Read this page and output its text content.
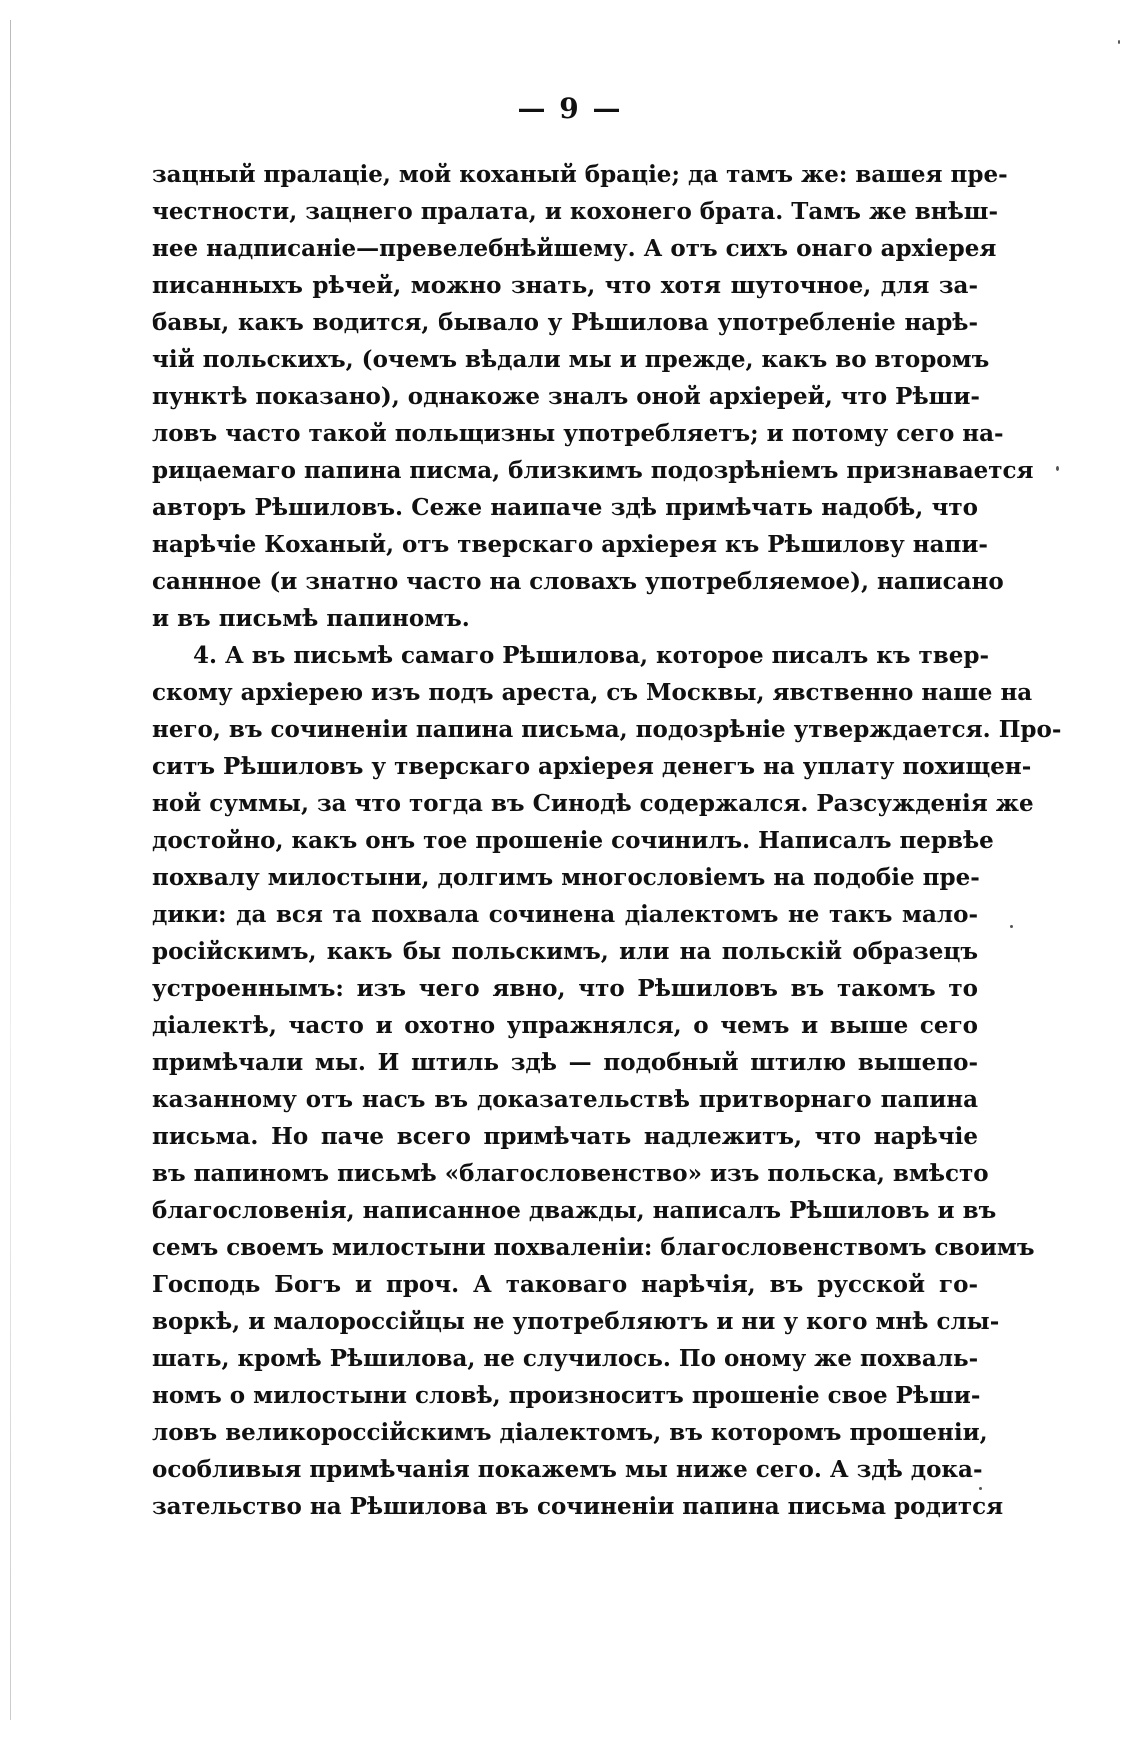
— 9 —
зацный пралаціе, мой коханый браціе; да тамъ же: вашея пре-
честности, зацнего пралата, и кохонего брата. Тамъ же внѣш-
нее надписаніе—превелебнѣйшему. А отъ сихъ онаго архіерея
писанныхъ рѣчей, можно знать, что хотя шуточное, для за-
бавы, какъ водится, бывало у Рѣшилова употребленіе нарѣ-
чій польскихъ, (очемъ вѣдали мы и прежде, какъ во второмъ
пунктѣ показано), однакоже зналъ оной архіерей, что Рѣши-
ловъ часто такой польщизны употребляетъ; и потому сего на-
рицаемаго папина писма, близкимъ подозрѣніемъ признавается
авторъ Рѣшиловъ. Сеже наипаче здѣ примѣчать надобѣ, что
нарѣчіе Коханый, отъ тверскаго архіерея къ Рѣшилову напи-
саннное (и знатно часто на словахъ употребляемое), написано
и въ письмѣ папиномъ.
4. А въ письмѣ самаго Рѣшилова, которое писалъ къ твер-
скому архіерею изъ подъ ареста, съ Москвы, явственно наше на
него, въ сочиненіи папина письма, подозрѣніе утверждается. Про-
ситъ Рѣшиловъ у тверскаго архіерея денегъ на уплату похищен-
ной суммы, за что тогда въ Синодѣ содержался. Разсужденія же
достойно, какъ онъ тое прошеніе сочинилъ. Написалъ первѣе
похвалу милостыни, долгимъ многословіемъ на подобіе пре-
дики: да вся та похвала сочинена діалектомъ не такъ мало-
російскимъ, какъ бы польскимъ, или на польскій образецъ
устроеннымъ: изъ чего явно, что Рѣшиловъ въ такомъ то
діалектѣ, часто и охотно упражнялся, о чемъ и выше сего
примѣчали мы. И штиль здѣ — подобный штилю вышепо-
казанному отъ насъ въ доказательствѣ притворнаго папина
письма. Но паче всего примѣчать надлежитъ, что нарѣчіе
въ папиномъ письмѣ «благословенство» изъ польска, вмѣсто
благословенія, написанное дважды, написалъ Рѣшиловъ и въ
семъ своемъ милостыни похваленіи: благословенствомъ своимъ
Господь Богъ и проч. А таковаго нарѣчія, въ русской го-
воркѣ, и малороссійцы не употребляютъ и ни у кого мнѣ слы-
шать, кромѣ Рѣшилова, не случилось. По оному же похваль-
номъ о милостыни словѣ, произноситъ прошеніе свое Рѣши-
ловъ великороссійскимъ діалектомъ, въ которомъ прошеніи,
особливыя примѣчанія покажемъ мы ниже сего. А здѣ дока-
зательство на Рѣшилова въ сочиненіи папина письма родится
